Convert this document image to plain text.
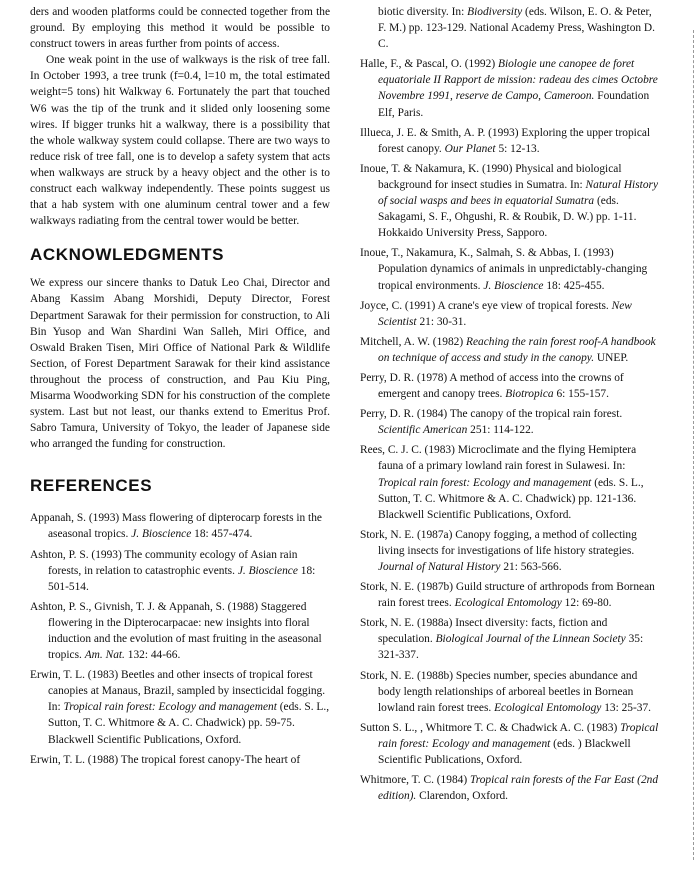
ders and wooden platforms could be connected together from the ground. By employing this method it would be possible to construct towers in areas further from points of access.

One weak point in the use of walkways is the risk of tree fall. In October 1993, a tree trunk (f=0.4, l=10 m, the total estimated weight=5 tons) hit Walkway 6. Fortunately the part that touched W6 was the tip of the trunk and it slided only loosening some wires. If bigger trunks hit a walkway, there is a possibility that the whole walkway system could collapse. There are two ways to reduce risk of tree fall, one is to develop a safety system that acts when walkways are struck by a heavy object and the other is to construct each walkway independently. These points suggest us that a hab system with one aluminum central tower and a few walkways radiating from the central tower would be better.

ACKNOWLEDGMENTS

We express our sincere thanks to Datuk Leo Chai, Director and Abang Kassim Abang Morshidi, Deputy Director, Forest Department Sarawak for their permission for construction, to Ali Bin Yusop and Wan Shardini Wan Salleh, Miri Office, and Oswald Braken Tisen, Miri Office of National Park & Wildlife Section, of Forest Department Sarawak for their kind assistance throughout the process of construction, and Pau Kiu Ping, Misarma Woodworking SDN for his construction of the complete system. Last but not least, our thanks extend to Emeritus Prof. Sabro Tamura, University of Tokyo, the leader of Japanese side who arranged the funding for construction.

REFERENCES

Appanah, S. (1993) Mass flowering of dipterocarp forests in the aseasonal tropics. J. Bioscience 18: 457-474.

Ashton, P. S. (1993) The community ecology of Asian rain forests, in relation to catastrophic events. J. Bioscience 18: 501-514.

Ashton, P. S., Givnish, T. J. & Appanah, S. (1988) Staggered flowering in the Dipterocarpacae: new insights into floral induction and the evolution of mast fruiting in the aseasonal tropics. Am. Nat. 132: 44-66.

Erwin, T. L. (1983) Beetles and other insects of tropical forest canopies at Manaus, Brazil, sampled by insecticidal fogging. In: Tropical rain forest: Ecology and management (eds. S. L., Sutton, T. C. Whitmore & A. C. Chadwick) pp. 59-75. Blackwell Scientific Publications, Oxford.

Erwin, T. L. (1988) The tropical forest canopy-The heart of

biotic diversity. In: Biodiversity (eds. Wilson, E. O. & Peter, F. M.) pp. 123-129. National Academy Press, Washington D. C.

Halle, F., & Pascal, O. (1992) Biologie une canopee de foret equatoriale II Rapport de mission: radeau des cimes Octobre Novembre 1991, reserve de Campo, Cameroon. Foundation Elf, Paris.

Illueca, J. E. & Smith, A. P. (1993) Exploring the upper tropical forest canopy. Our Planet 5: 12-13.

Inoue, T. & Nakamura, K. (1990) Physical and biological background for insect studies in Sumatra. In: Natural History of social wasps and bees in equatorial Sumatra (eds. Sakagami, S. F., Ohgushi, R. & Roubik, D. W.) pp. 1-11. Hokkaido University Press, Sapporo.

Inoue, T., Nakamura, K., Salmah, S. & Abbas, I. (1993) Population dynamics of animals in unpredictably-changing tropical environments. J. Bioscience 18: 425-455.

Joyce, C. (1991) A crane's eye view of tropical forests. New Scientist 21: 30-31.

Mitchell, A. W. (1982) Reaching the rain forest roof-A handbook on technique of access and study in the canopy. UNEP.

Perry, D. R. (1978) A method of access into the crowns of emergent and canopy trees. Biotropica 6: 155-157.

Perry, D. R. (1984) The canopy of the tropical rain forest. Scientific American 251: 114-122.

Rees, C. J. C. (1983) Microclimate and the flying Hemiptera fauna of a primary lowland rain forest in Sulawesi. In: Tropical rain forest: Ecology and management (eds. S. L., Sutton, T. C. Whitmore & A. C. Chadwick) pp. 121-136. Blackwell Scientific Publications, Oxford.

Stork, N. E. (1987a) Canopy fogging, a method of collecting living insects for investigations of life history strategies. Journal of Natural History 21: 563-566.

Stork, N. E. (1987b) Guild structure of arthropods from Bornean rain forest trees. Ecological Entomology 12: 69-80.

Stork, N. E. (1988a) Insect diversity: facts, fiction and speculation. Biological Journal of the Linnean Society 35: 321-337.

Stork, N. E. (1988b) Species number, species abundance and body length relationships of arboreal beetles in Bornean lowland rain forest trees. Ecological Entomology 13: 25-37.

Sutton S. L., , Whitmore T. C. & Chadwick A. C. (1983) Tropical rain forest: Ecology and management (eds. ) Blackwell Scientific Publications, Oxford.

Whitmore, T. C. (1984) Tropical rain forests of the Far East (2nd edition). Clarendon, Oxford.
